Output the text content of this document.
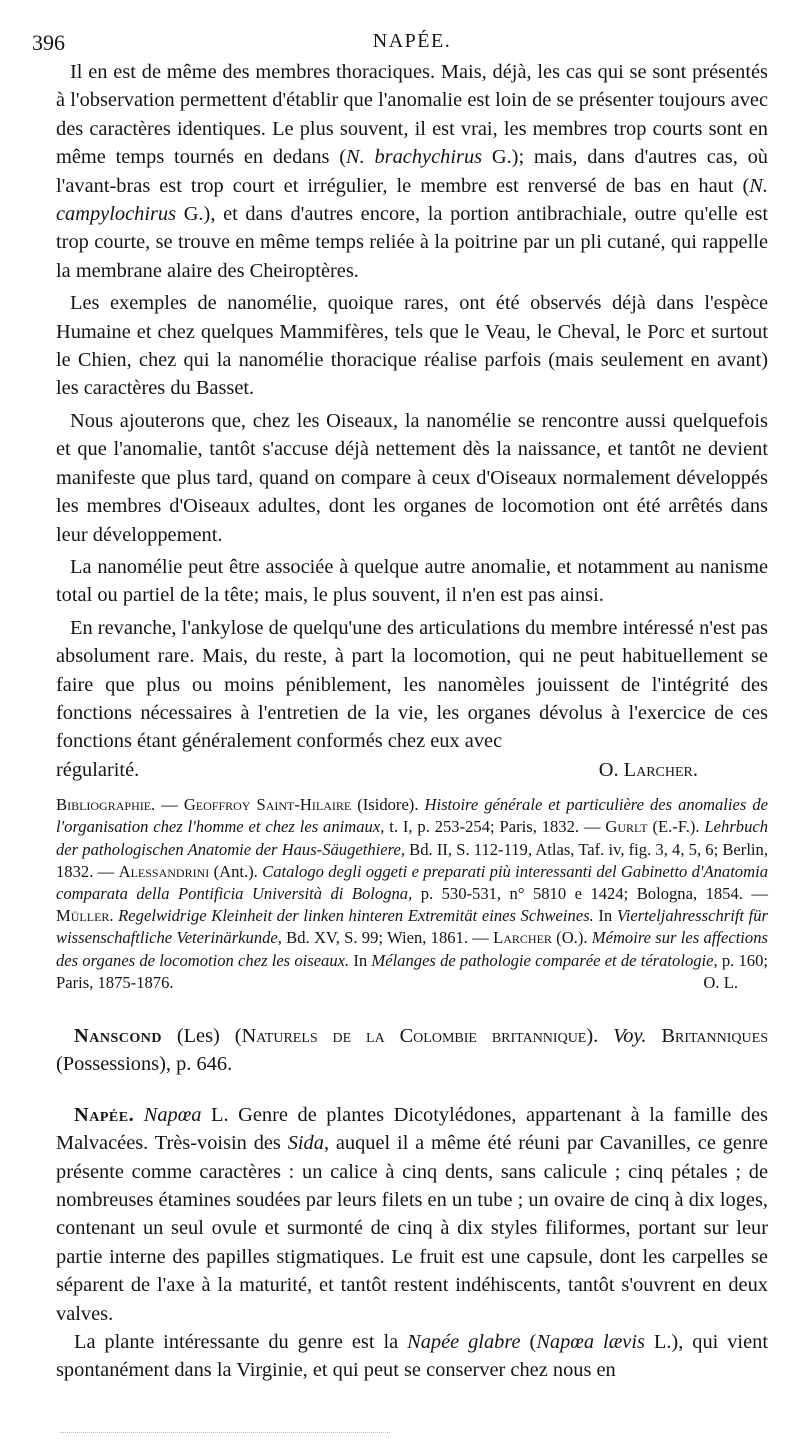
396	NAPÉE.

Il en est de même des membres thoraciques. Mais, déjà, les cas qui se sont présentés à l'observation permettent d'établir que l'anomalie est loin de se présenter toujours avec des caractères identiques. Le plus souvent, il est vrai, les membres trop courts sont en même temps tournés en dedans (N. brachychirus G.); mais, dans d'autres cas, où l'avant-bras est trop court et irrégulier, le membre est renversé de bas en haut (N. campylochirus G.), et dans d'autres encore, la portion antibrachiale, outre qu'elle est trop courte, se trouve en même temps reliée à la poitrine par un pli cutané, qui rappelle la membrane alaire des Cheiroptères.

Les exemples de nanomélie, quoique rares, ont été observés déjà dans l'espèce Humaine et chez quelques Mammifères, tels que le Veau, le Cheval, le Porc et surtout le Chien, chez qui la nanomélie thoracique réalise parfois (mais seulement en avant) les caractères du Basset.

Nous ajouterons que, chez les Oiseaux, la nanomélie se rencontre aussi quelquefois et que l'anomalie, tantôt s'accuse déjà nettement dès la naissance, et tantôt ne devient manifeste que plus tard, quand on compare à ceux d'Oiseaux normalement développés les membres d'Oiseaux adultes, dont les organes de locomotion ont été arrêtés dans leur développement.

La nanomélie peut être associée à quelque autre anomalie, et notamment au nanisme total ou partiel de la tête; mais, le plus souvent, il n'en est pas ainsi.

En revanche, l'ankylose de quelqu'une des articulations du membre intéressé n'est pas absolument rare. Mais, du reste, à part la locomotion, qui ne peut habituellement se faire que plus ou moins péniblement, les nanomèles jouissent de l'intégrité des fonctions nécessaires à l'entretien de la vie, les organes dévolus à l'exercice de ces fonctions étant généralement conformés chez eux avec

régularité.	O. Larcher.

Bibliographie. — Geoffroy Saint-Hilaire (Isidore). Histoire générale et particulière des anomalies de l'organisation chez l'homme et chez les animaux, t. I, p. 253-254; Paris, 1832. — Gurlt (E.-F.). Lehrbuch der pathologischen Anatomie der Haus-Säugethiere, Bd. II, S. 112-119, Atlas, Taf. iv, fig. 3, 4, 5, 6; Berlin, 1832. — Alessandrini (Ant.). Catalogo degli oggeti e preparati più interessanti del Gabinetto d'Anatomia comparata della Pontificia Università di Bologna, p. 530-531, n° 5810 e 1424; Bologna, 1854. — Müller. Regelwidrige Kleinheit der linken hinteren Extremität eines Schweines. In Vierteljahresschrift für wissenschaftliche Veterinärkunde, Bd. XV, S. 99; Wien, 1861. — Larcher (O.). Mémoire sur les affections des organes de locomotion chez les oiseaux. In Mélanges de pathologie comparée et de tératologie, p. 160; Paris, 1875-1876.	O. L.

Nanscond (Les) (Naturels de la Colombie britannique). Voy. Britanniques (Possessions), p. 646.

Napée. Napœa L. Genre de plantes Dicotylédones, appartenant à la famille des Malvacées. Très-voisin des Sida, auquel il a même été réuni par Cavanilles, ce genre présente comme caractères : un calice à cinq dents, sans calicule ; cinq pétales ; de nombreuses étamines soudées par leurs filets en un tube ; un ovaire de cinq à dix loges, contenant un seul ovule et surmonté de cinq à dix styles filiformes, portant sur leur partie interne des papilles stigmatiques. Le fruit est une capsule, dont les carpelles se séparent de l'axe à la maturité, et tantôt restent indéhiscents, tantôt s'ouvrent en deux valves.

La plante intéressante du genre est la Napée glabre (Napœa lævis L.), qui vient spontanément dans la Virginie, et qui peut se conserver chez nous en
